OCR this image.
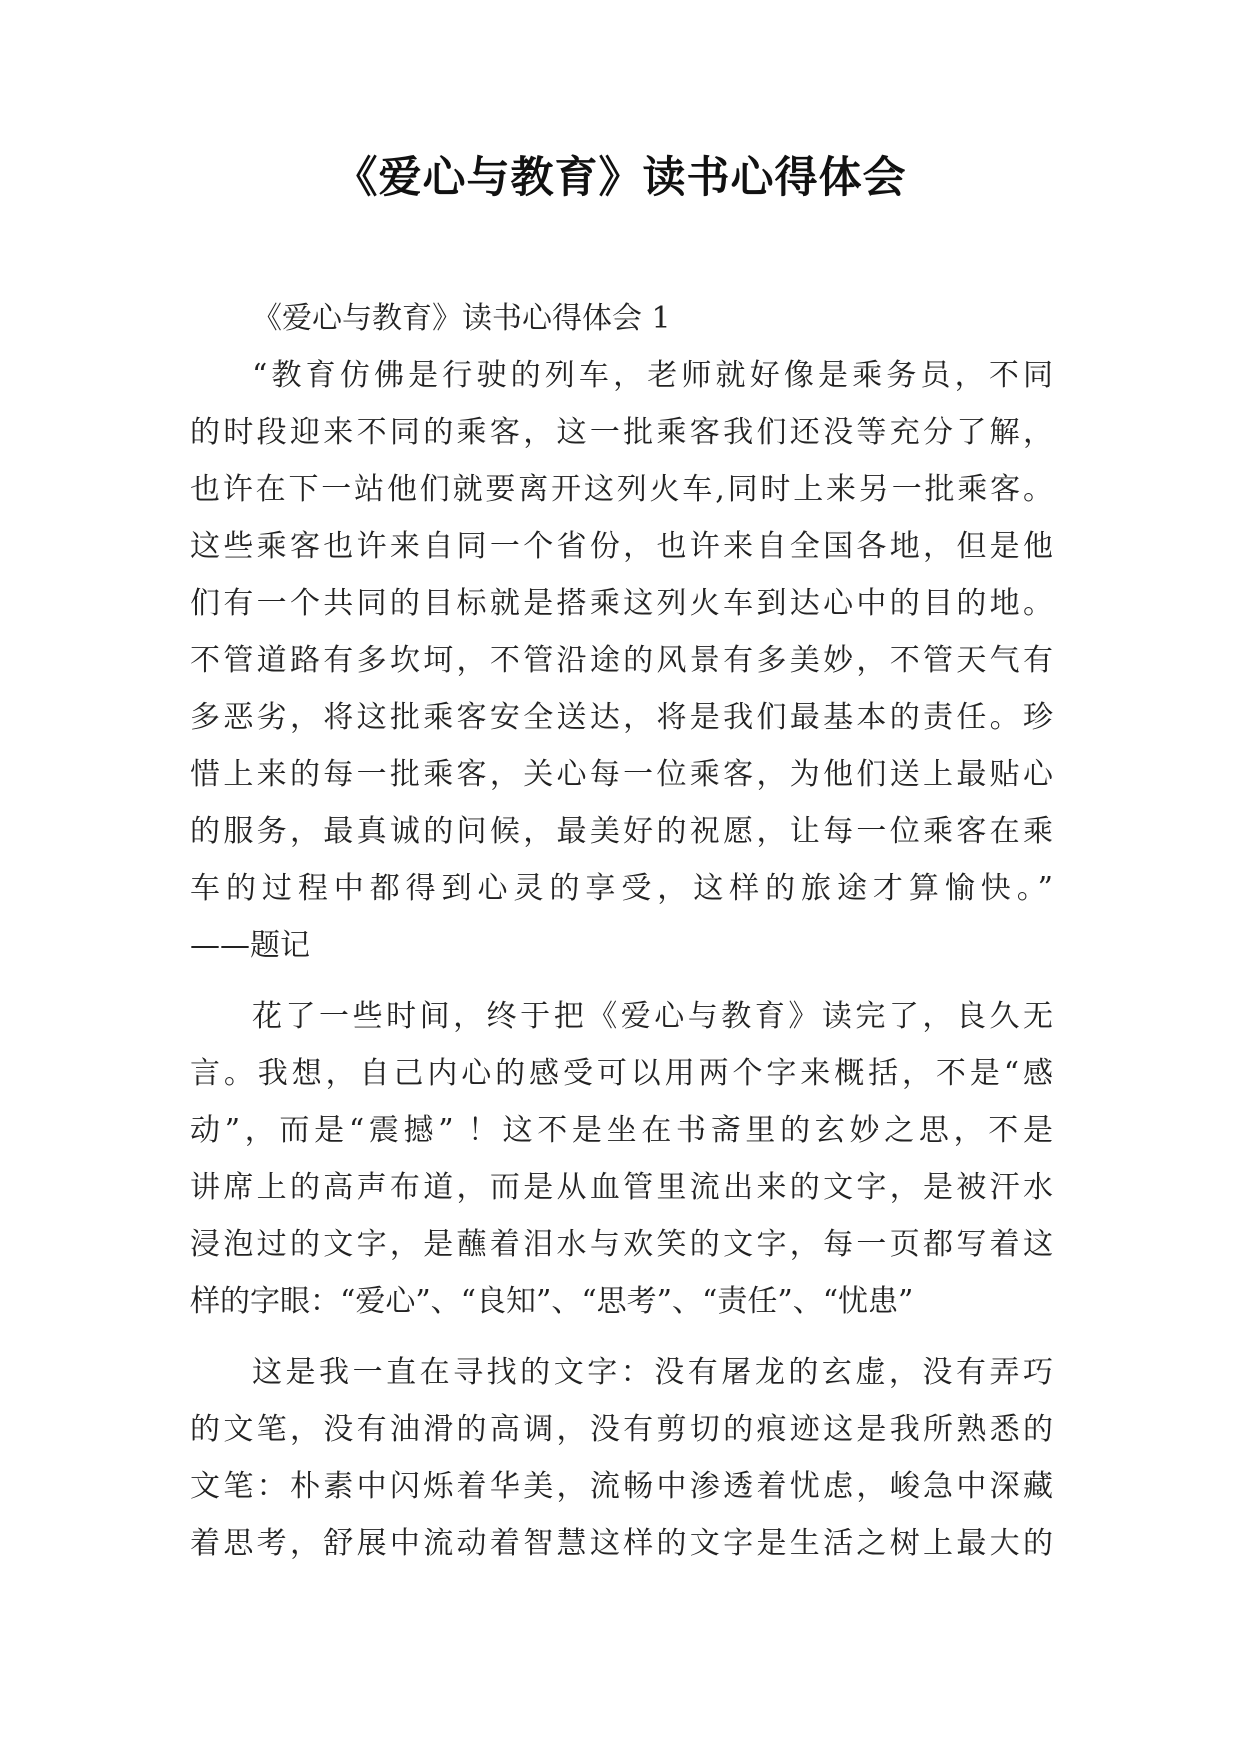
《爱心与教育》读书心得体会
《爱心与教育》读书心得体会 1
“教育仿佛是行驶的列车，老师就好像是乘务员，不同
的时段迎来不同的乘客，这一批乘客我们还没等充分了解，
也许在下一站他们就要离开这列火车,同时上来另一批乘客。
这些乘客也许来自同一个省份，也许来自全国各地，但是他
们有一个共同的目标就是搭乘这列火车到达心中的目的地。
不管道路有多坎坷，不管沿途的风景有多美妙，不管天气有
多恶劣，将这批乘客安全送达，将是我们最基本的责任。珍
惜上来的每一批乘客，关心每一位乘客，为他们送上最贴心
的服务，最真诚的问候，最美好的祝愿，让每一位乘客在乘
车的过程中都得到心灵的享受，这样的旅途才算愉快。”
——题记
花了一些时间，终于把《爱心与教育》读完了，良久无
言。我想，自己内心的感受可以用两个字来概括，不是“感
动”，而是“震撼” ！这不是坐在书斋里的玄妙之思，不是
讲席上的高声布道，而是从血管里流出来的文字，是被汗水
浸泡过的文字，是蘸着泪水与欢笑的文字，每一页都写着这
样的字眼：“爱心”、“良知”、“思考”、“责任”、“忧患”
这是我一直在寻找的文字：没有屠龙的玄虚，没有弄巧
的文笔，没有油滑的高调，没有剪切的痕迹这是我所熟悉的
文笔：朴素中闪烁着华美，流畅中渗透着忧虑，峻急中深藏
着思考，舒展中流动着智慧这样的文字是生活之树上最大的
